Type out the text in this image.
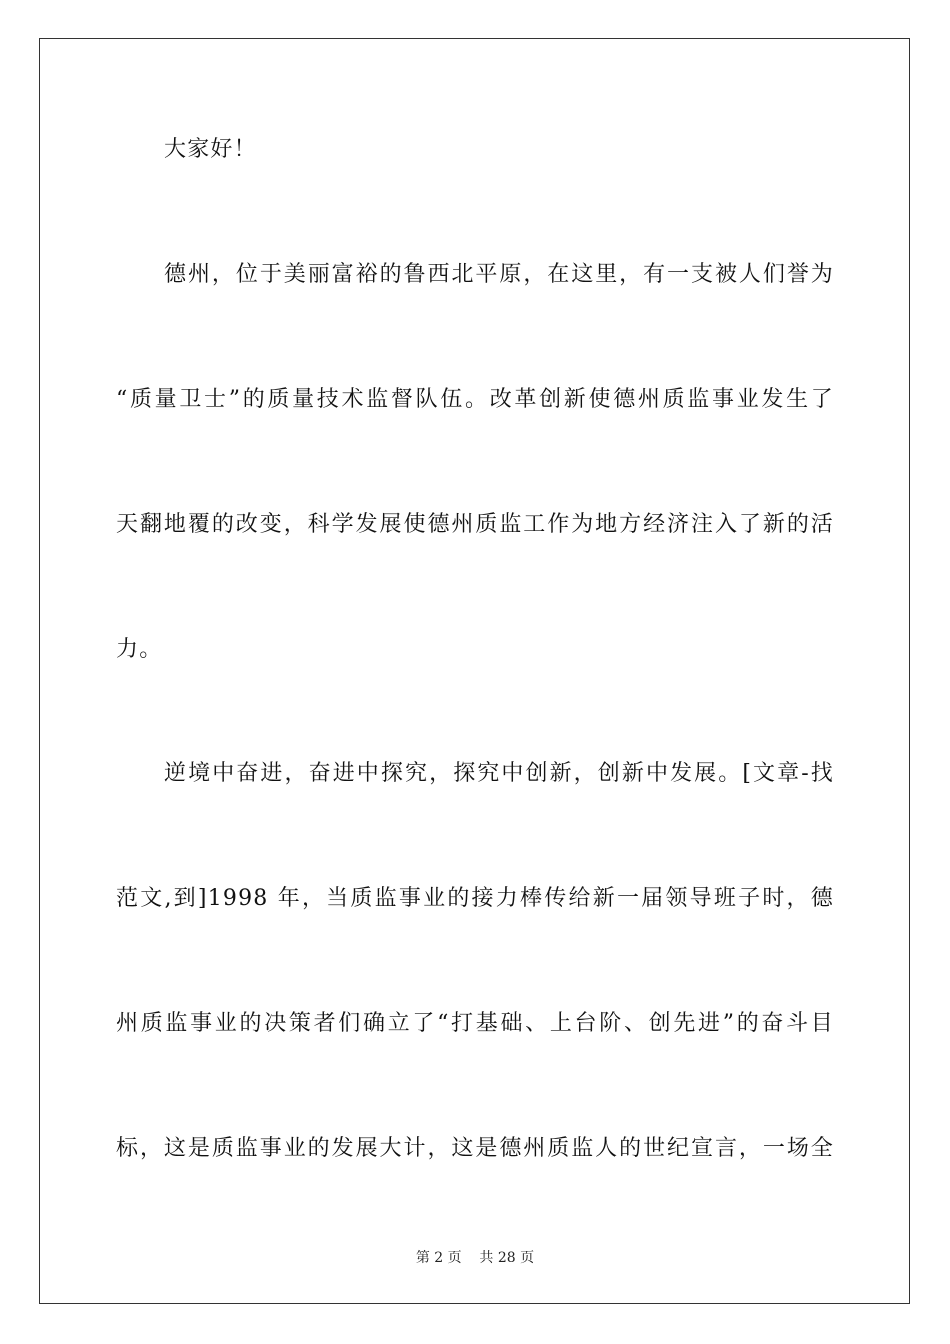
大家好！
德州，位于美丽富裕的鲁西北平原，在这里，有一支被人们誉为
“质量卫士”的质量技术监督队伍。改革创新使德州质监事业发生了
天翻地覆的改变，科学发展使德州质监工作为地方经济注入了新的活
力。
逆境中奋进，奋进中探究，探究中创新，创新中发展。[文章-找
范文,到]1998 年，当质监事业的接力棒传给新一届领导班子时，德
州质监事业的决策者们确立了“打基础、上台阶、创先进”的奋斗目
标，这是质监事业的发展大计，这是德州质监人的世纪宣言，一场全
第 2 页    共 28 页
